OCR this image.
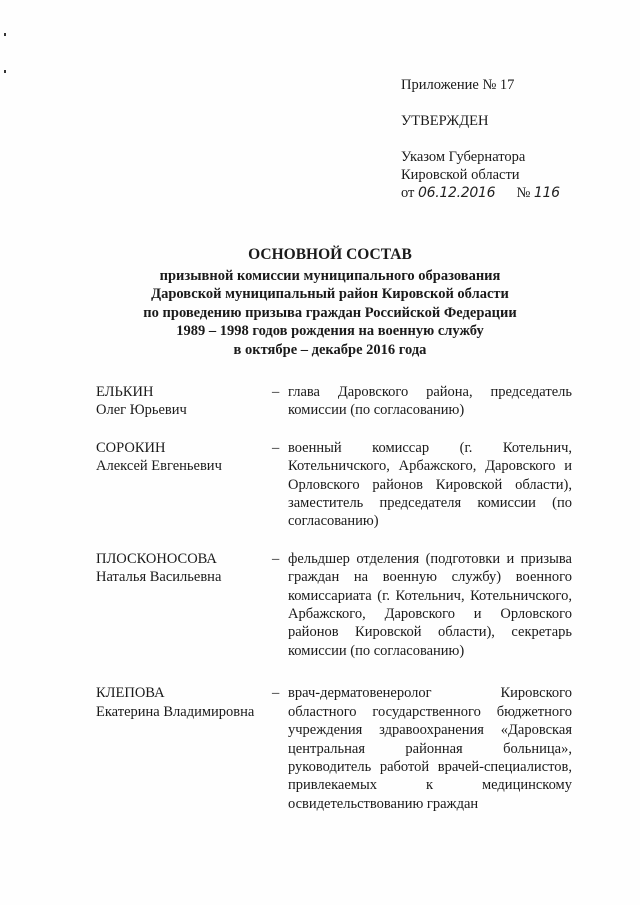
Приложение № 17
УТВЕРЖДЕН
Указом Губернатора
Кировской области
от 06.12.2016 № 116
ОСНОВНОЙ СОСТАВ
призывной комиссии муниципального образования
Даровской муниципальный район Кировской области
по проведению призыва граждан Российской Федерации
1989 – 1998 годов рождения на военную службу
в октябре – декабре 2016 года
ЕЛЬКИН
Олег Юрьевич
– глава Даровского района, председатель комиссии (по согласованию)
СОРОКИН
Алексей Евгеньевич
– военный комиссар (г. Котельнич, Котельничского, Арбажского, Даровского и Орловского районов Кировской области), заместитель председателя комиссии (по согласованию)
ПЛОСКОНОСОВА
Наталья Васильевна
– фельдшер отделения (подготовки и призыва граждан на военную службу) военного комиссариата (г. Котельнич, Котельничского, Арбажского, Даровского и Орловского районов Кировской области), секретарь комиссии (по согласованию)
КЛЕПОВА
Екатерина Владимировна
– врач-дерматовенеролог Кировского областного государственного бюджетного учреждения здравоохранения «Даровская центральная районная больница», руководитель работой врачей-специалистов, привлекаемых к медицинскому освидетельствованию граждан
